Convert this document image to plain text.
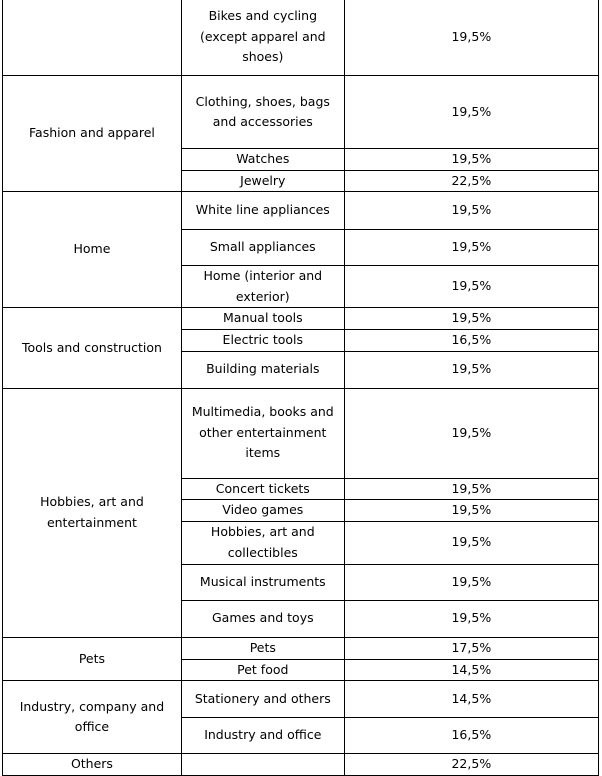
	Bikes and cycling (except apparel and shoes)	19,5%
Fashion and apparel	Clothing, shoes, bags and accessories	19,5%
	Watches	19,5%
	Jewelry	22,5%
Home	White line appliances	19,5%
	Small appliances	19,5%
	Home (interior and exterior)	19,5%
Tools and construction	Manual tools	19,5%
	Electric tools	16,5%
	Building materials	19,5%
Hobbies, art and entertainment	Multimedia, books and other entertainment items	19,5%
	Concert tickets	19,5%
	Video games	19,5%
	Hobbies, art and collectibles	19,5%
	Musical instruments	19,5%
	Games and toys	19,5%
Pets	Pets	17,5%
	Pet food	14,5%
Industry, company and office	Stationery and others	14,5%
	Industry and office	16,5%
Others		22,5%
